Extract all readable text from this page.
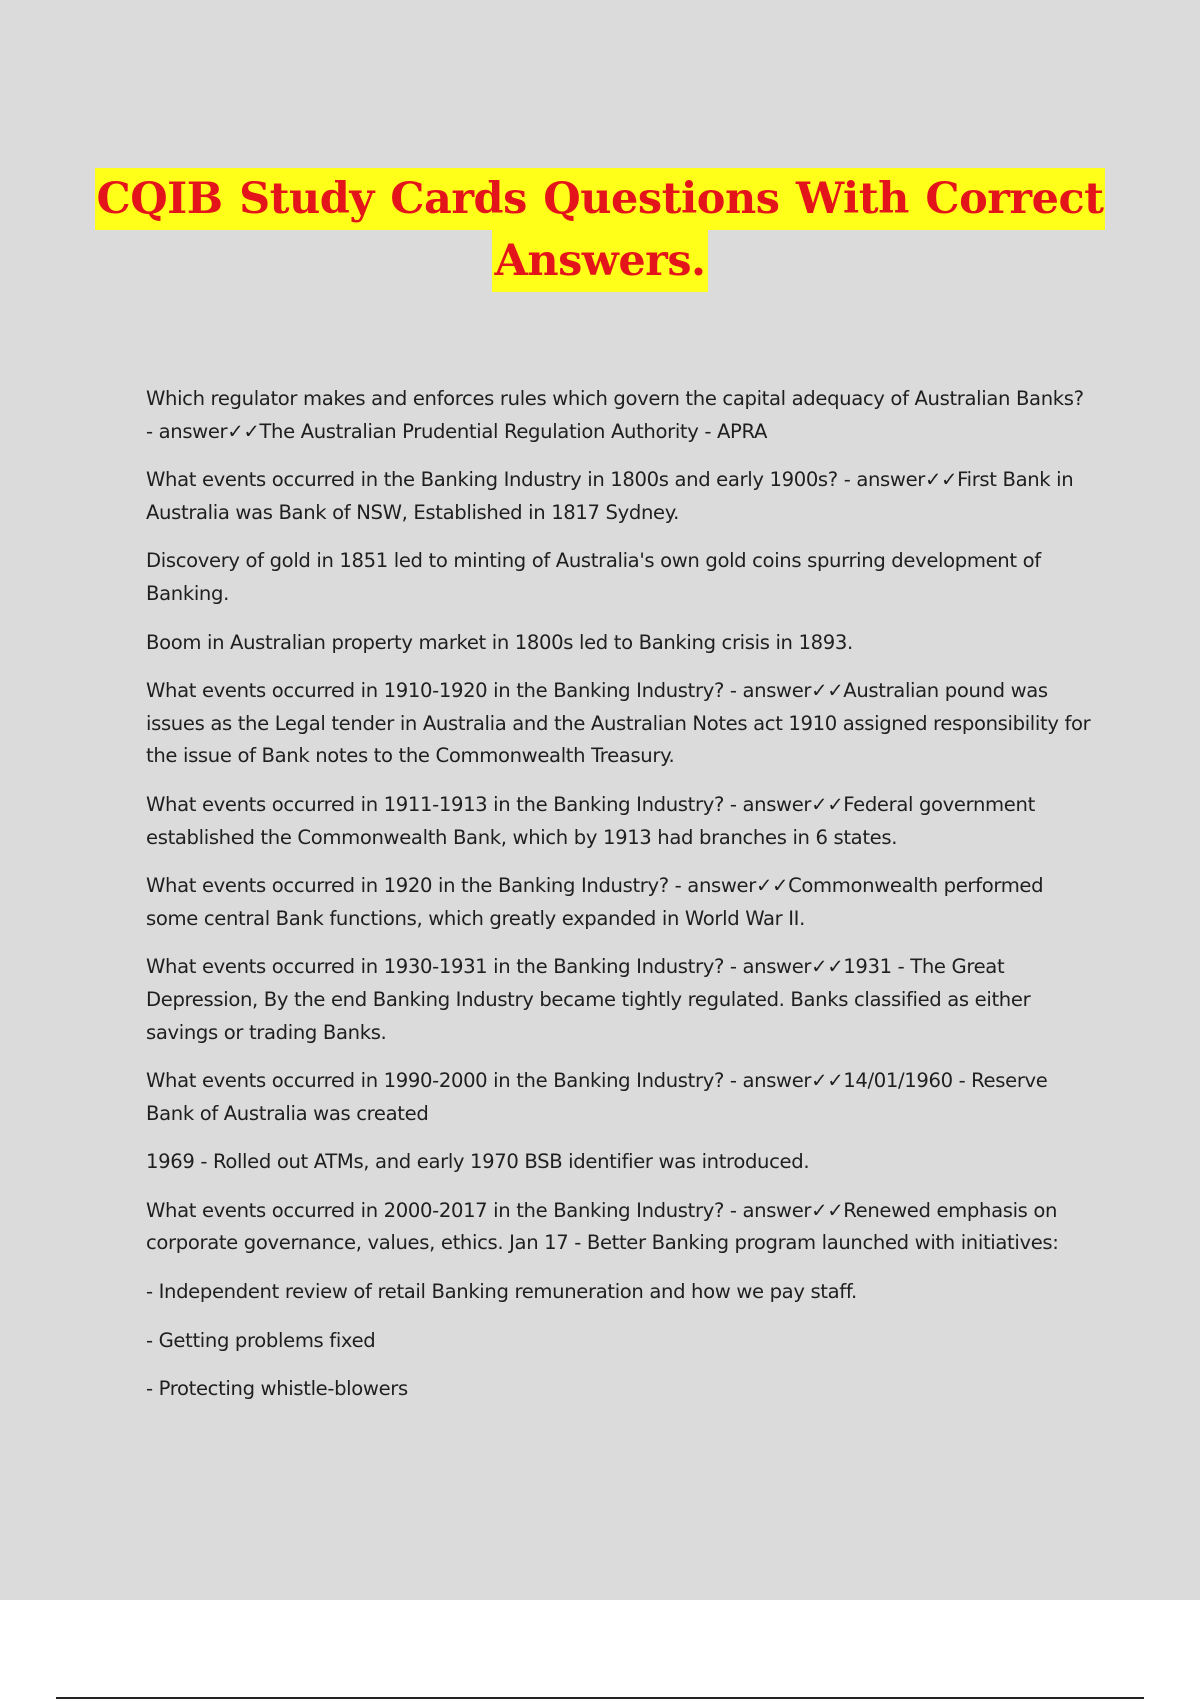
CQIB Study Cards Questions With Correct
Answers.

Which regulator makes and enforces rules which govern the capital adequacy of Australian Banks? - answer✓✓The Australian Prudential Regulation Authority - APRA

What events occurred in the Banking Industry in 1800s and early 1900s? - answer✓✓First Bank in Australia was Bank of NSW, Established in 1817 Sydney.

Discovery of gold in 1851 led to minting of Australia's own gold coins spurring development of Banking.

Boom in Australian property market in 1800s led to Banking crisis in 1893.

What events occurred in 1910-1920 in the Banking Industry? - answer✓✓Australian pound was issues as the Legal tender in Australia and the Australian Notes act 1910 assigned responsibility for the issue of Bank notes to the Commonwealth Treasury.

What events occurred in 1911-1913 in the Banking Industry? - answer✓✓Federal government established the Commonwealth Bank, which by 1913 had branches in 6 states.

What events occurred in 1920 in the Banking Industry? - answer✓✓Commonwealth performed some central Bank functions, which greatly expanded in World War II.

What events occurred in 1930-1931 in the Banking Industry? - answer✓✓1931 - The Great Depression, By the end Banking Industry became tightly regulated. Banks classified as either savings or trading Banks.

What events occurred in 1990-2000 in the Banking Industry? - answer✓✓14/01/1960 - Reserve Bank of Australia was created

1969 - Rolled out ATMs, and early 1970 BSB identifier was introduced.

What events occurred in 2000-2017 in the Banking Industry? - answer✓✓Renewed emphasis on corporate governance, values, ethics. Jan 17 - Better Banking program launched with initiatives:

- Independent review of retail Banking remuneration and how we pay staff.

- Getting problems fixed

- Protecting whistle-blowers
